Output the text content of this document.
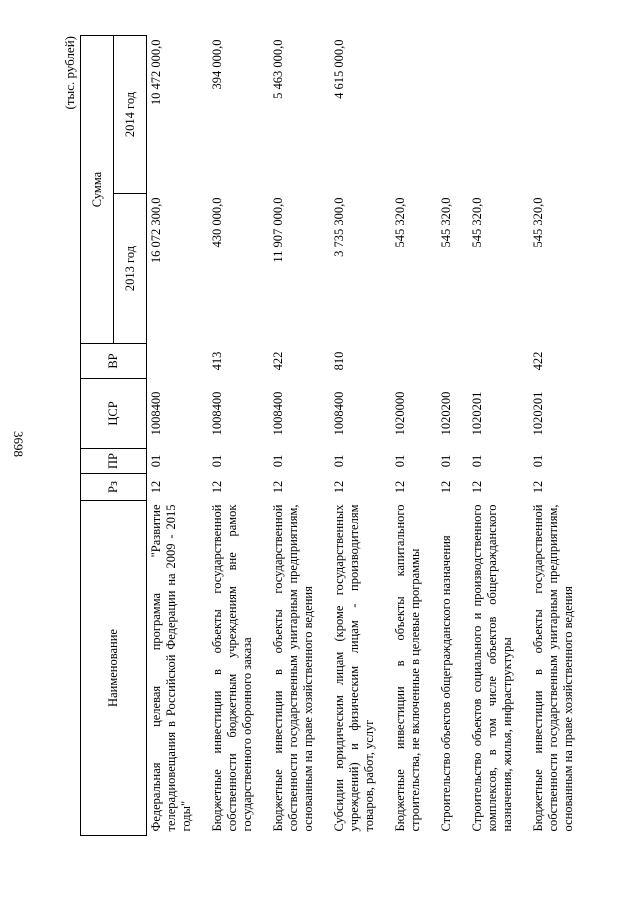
3698
(тыс. рублей)
Наименование	Рз	ПР	ЦСР	ВР	Сумма	
					2013 год	2014 год
Федеральная целевая программа "Развитие телерадиовещания в Российской Федерации на 2009 - 2015 годы"	12	01	1008400		16 072 300,0	10 472 000,0
Бюджетные инвестиции в объекты государственной собственности бюджетным учреждениям вне рамок государственного оборонного заказа	12	01	1008400	413	430 000,0	394 000,0
Бюджетные инвестиции в объекты государственной собственности государственным унитарным предприятиям, основанным на праве хозяйственного ведения	12	01	1008400	422	11 907 000,0	5 463 000,0
Субсидии юридическим лицам (кроме государственных учреждений) и физическим лицам - производителям товаров, работ, услуг	12	01	1008400	810	3 735 300,0	4 615 000,0
Бюджетные инвестиции в объекты капитального строительства, не включенные в целевые программы	12	01	1020000		545 320,0	
Строительство объектов общегражданского назначения	12	01	1020200		545 320,0	
Строительство объектов социального и производственного комплексов, в том числе объектов общегражданского назначения, жилья, инфраструктуры	12	01	1020201		545 320,0	
Бюджетные инвестиции в объекты государственной собственности государственным унитарным предприятиям, основанным на праве хозяйственного ведения	12	01	1020201	422	545 320,0	
